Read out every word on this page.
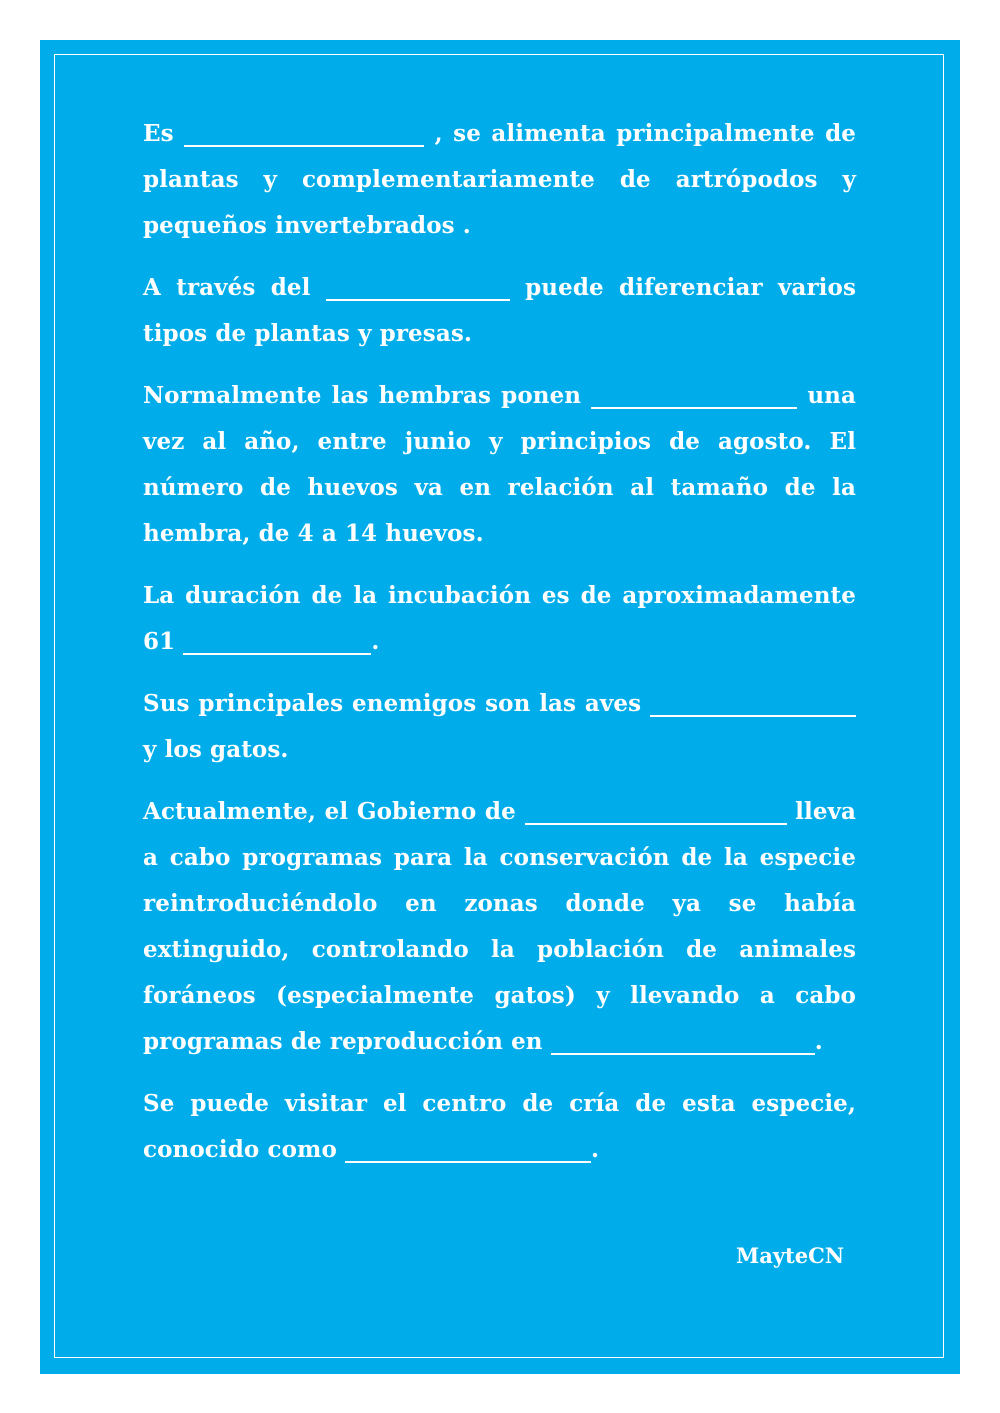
Es	, se alimenta principalmente de plantas y complementariamente de artrópodos y pequeños invertebrados .

A través del	puede diferenciar varios tipos de plantas y presas.

Normalmente las hembras ponen	una vez al año, entre junio y principios de agosto. El número de huevos va en relación al tamaño de la hembra, de 4 a 14 huevos.

La duración de la incubación es de aproximadamente 61	.

Sus principales enemigos son las aves  y los gatos.

Actualmente, el Gobierno de	lleva a cabo programas para la conservación de la especie reintroduciéndolo en zonas donde ya se había extinguido, controlando la población de animales foráneos (especialmente gatos) y llevando a cabo programas de reproducción en	.

Se puede visitar el centro de cría de esta especie, conocido como	.

MayteCN
